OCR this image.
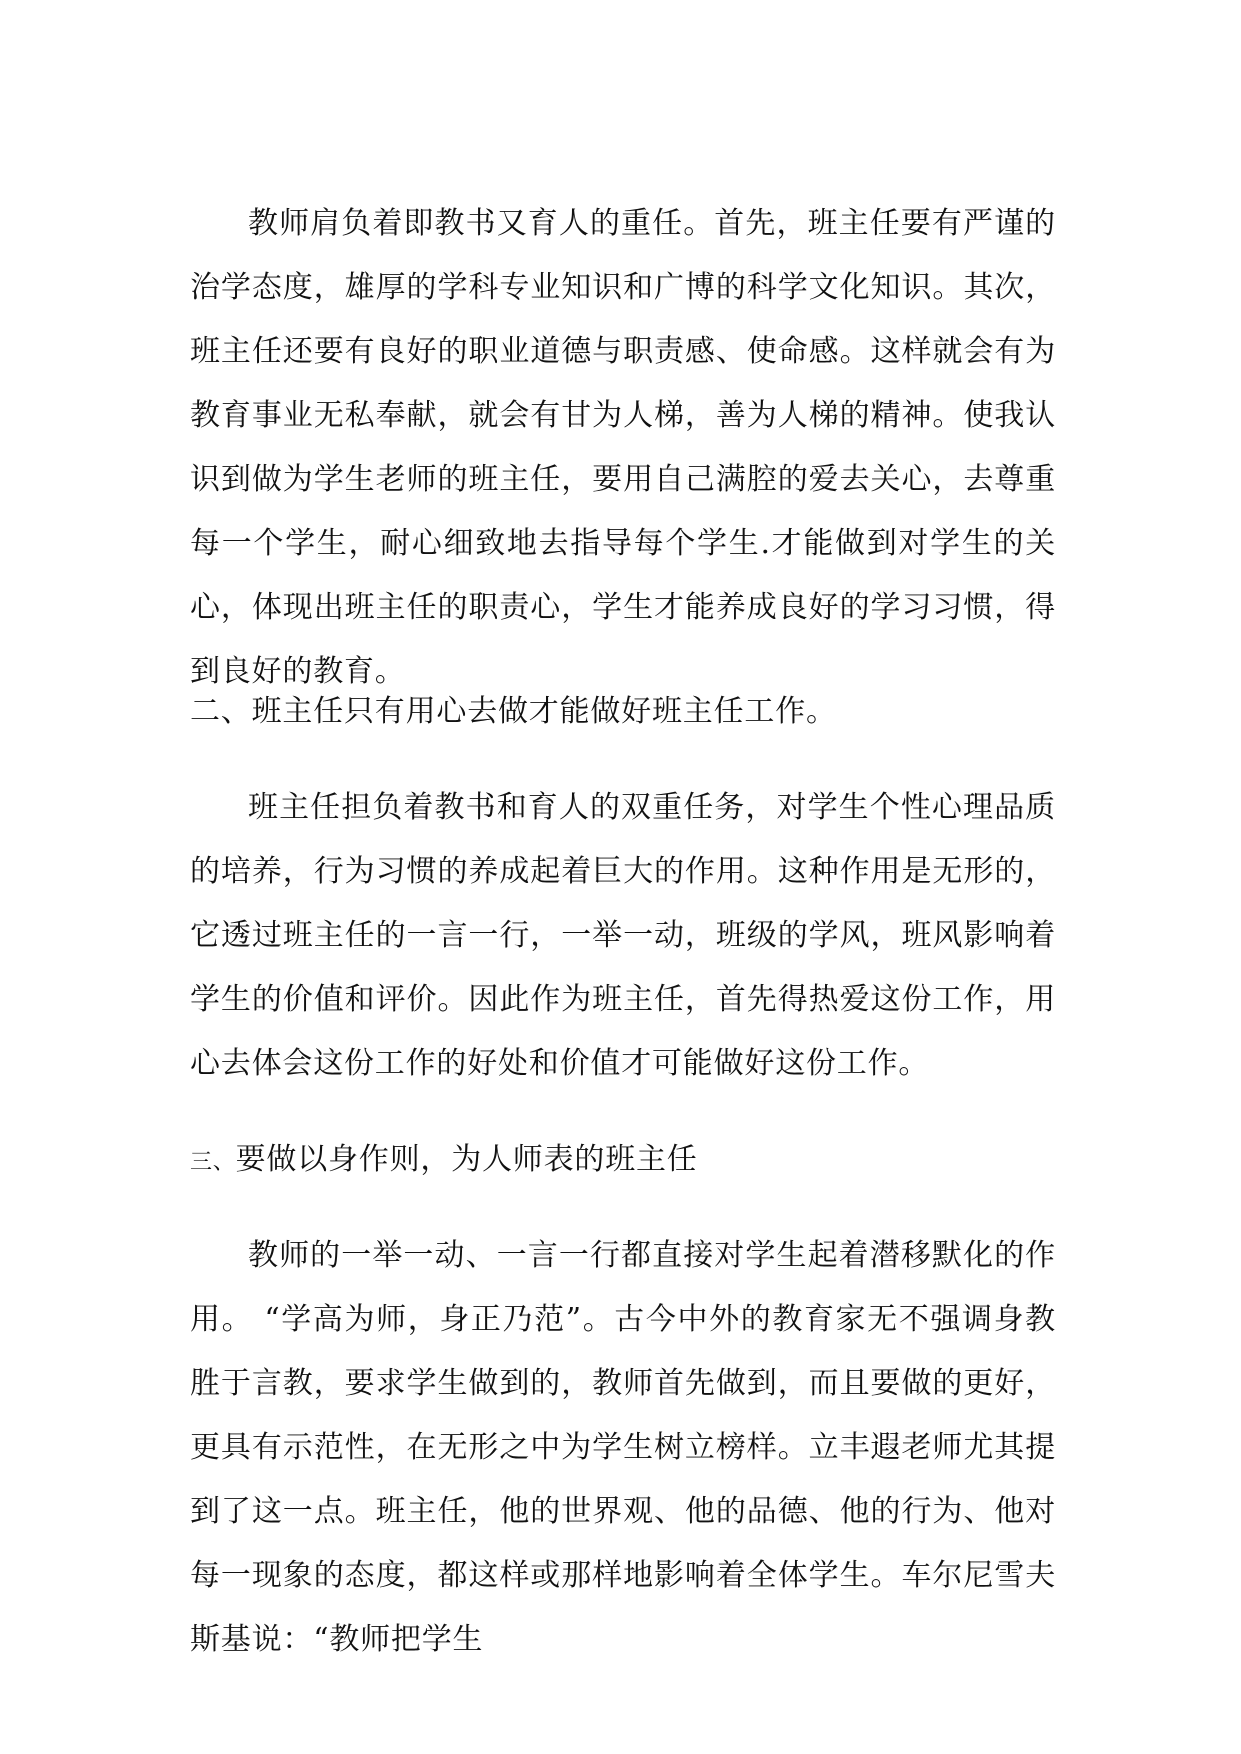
教师肩负着即教书又育人的重任。首先，班主任要有严谨的治学态度，雄厚的学科专业知识和广博的科学文化知识。其次，班主任还要有良好的职业道德与职责感、使命感。这样就会有为教育事业无私奉献，就会有甘为人梯，善为人梯的精神。使我认识到做为学生老师的班主任，要用自己满腔的爱去关心，去尊重每一个学生，耐心细致地去指导每个学生.才能做到对学生的关心，体现出班主任的职责心，学生才能养成良好的学习习惯，得到良好的教育。

二、班主任只有用心去做才能做好班主任工作。

班主任担负着教书和育人的双重任务，对学生个性心理品质的培养，行为习惯的养成起着巨大的作用。这种作用是无形的，它透过班主任的一言一行，一举一动，班级的学风，班风影响着学生的价值和评价。因此作为班主任，首先得热爱这份工作，用心去体会这份工作的好处和价值才可能做好这份工作。

三、要做以身作则，为人师表的班主任

教师的一举一动、一言一行都直接对学生起着潜移默化的作用。 “学高为师，身正乃范”。古今中外的教育家无不强调身教胜于言教，要求学生做到的，教师首先做到，而且要做的更好，更具有示范性，在无形之中为学生树立榜样。立丰遐老师尤其提到了这一点。班主任，他的世界观、他的品德、他的行为、他对每一现象的态度，都这样或那样地影响着全体学生。车尔尼雪夫斯基说：“教师把学生
